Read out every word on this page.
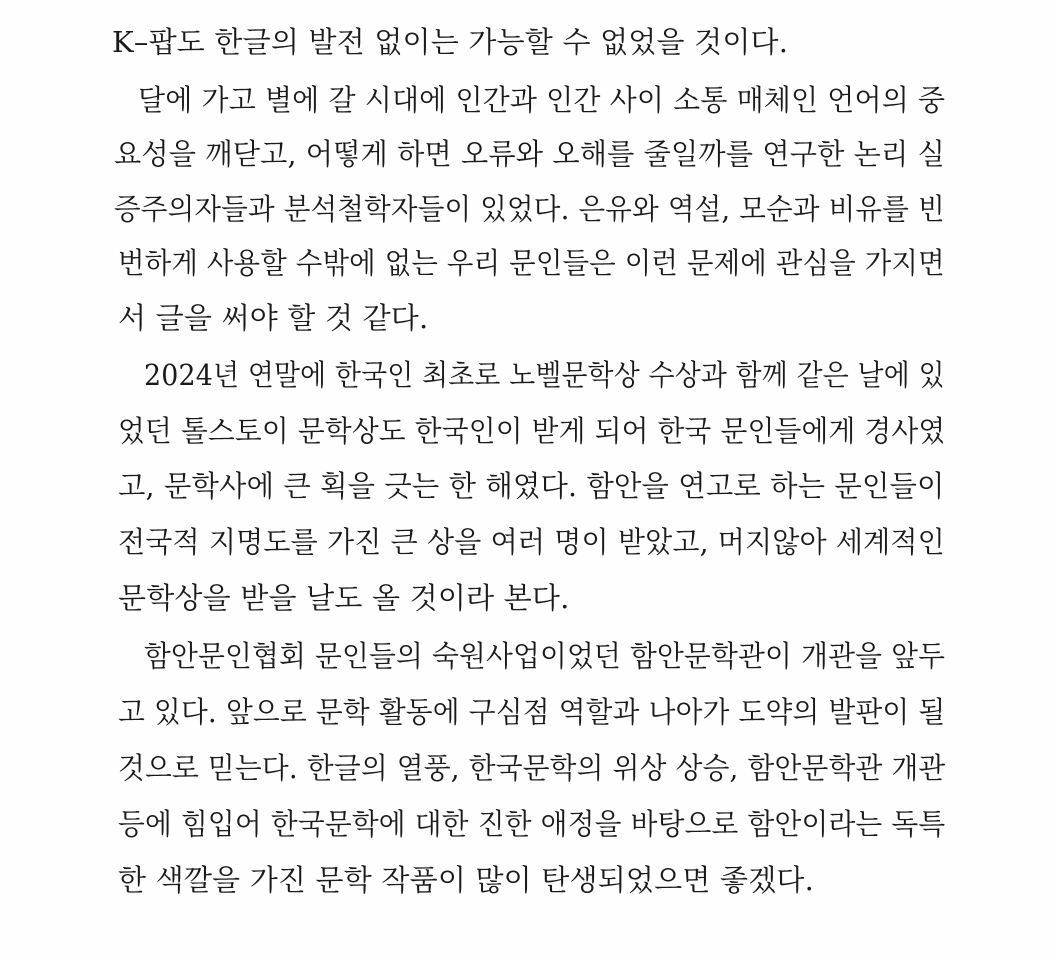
K–팝도 한글의 발전 없이는 가능할 수 없었을 것이다.
달에 가고 별에 갈 시대에 인간과 인간 사이 소통 매체인 언어의 중
요성을 깨닫고, 어떻게 하면 오류와 오해를 줄일까를 연구한 논리 실
증주의자들과 분석철학자들이 있었다. 은유와 역설, 모순과 비유를 빈
번하게 사용할 수밖에 없는 우리 문인들은 이런 문제에 관심을 가지면
서 글을 써야 할 것 같다.
2024년 연말에 한국인 최초로 노벨문학상 수상과 함께 같은 날에 있
었던 톨스토이 문학상도 한국인이 받게 되어 한국 문인들에게 경사였
고, 문학사에 큰 획을 긋는 한 해였다. 함안을 연고로 하는 문인들이
전국적 지명도를 가진 큰 상을 여러 명이 받았고, 머지않아 세계적인
문학상을 받을 날도 올 것이라 본다.
함안문인협회 문인들의 숙원사업이었던 함안문학관이 개관을 앞두
고 있다. 앞으로 문학 활동에 구심점 역할과 나아가 도약의 발판이 될
것으로 믿는다. 한글의 열풍, 한국문학의 위상 상승, 함안문학관 개관
등에 힘입어 한국문학에 대한 진한 애정을 바탕으로 함안이라는 독특
한 색깔을 가진 문학 작품이 많이 탄생되었으면 좋겠다.
